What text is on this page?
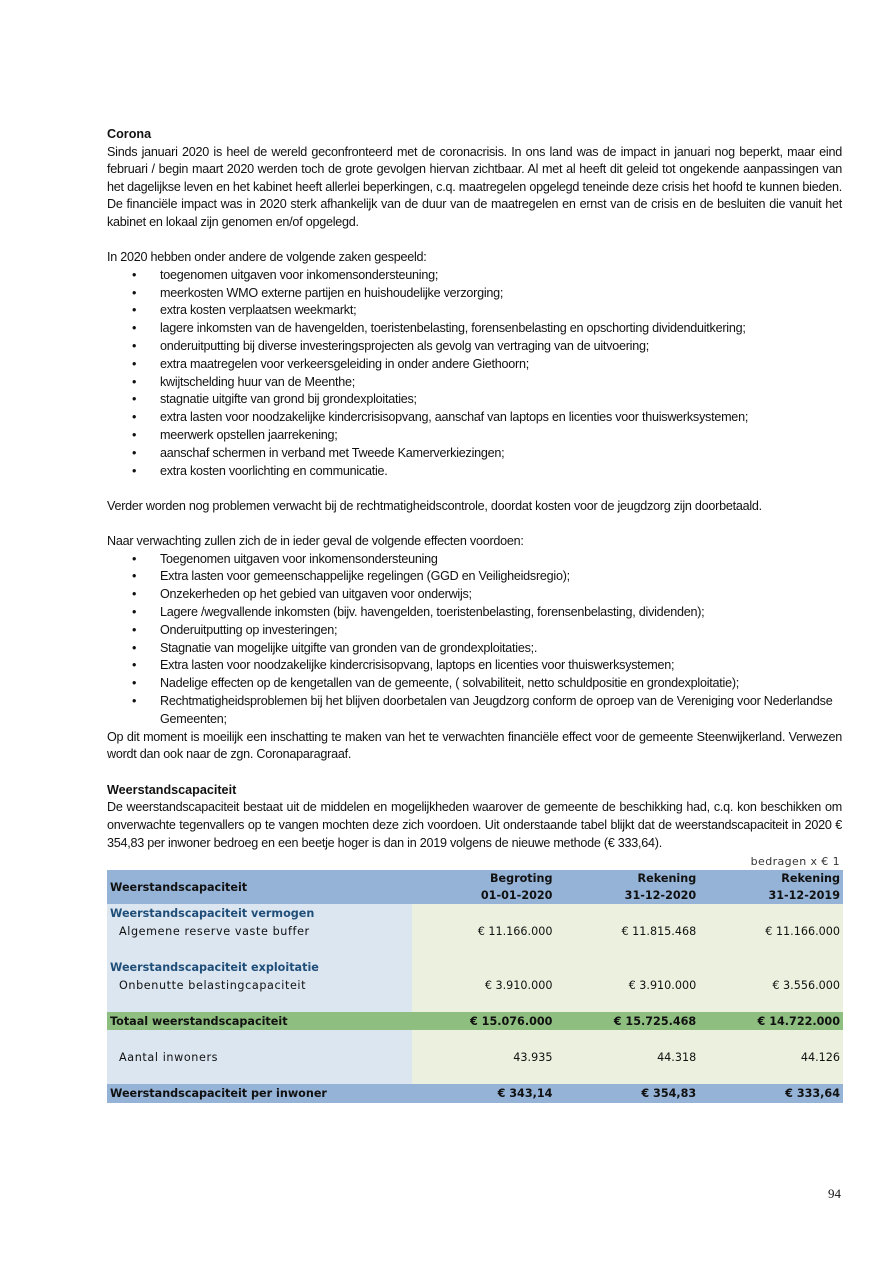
Corona
Sinds januari 2020 is heel de wereld geconfronteerd met de coronacrisis. In ons land was de impact in januari nog beperkt, maar eind februari / begin maart 2020 werden toch de grote gevolgen hiervan zichtbaar. Al met al heeft dit geleid tot ongekende aanpassingen van het dagelijkse leven en het kabinet heeft allerlei beperkingen, c.q. maatregelen opgelegd teneinde deze crisis het hoofd te kunnen bieden. De financiële impact was in 2020 sterk afhankelijk van de duur van de maatregelen en ernst van de crisis en de besluiten die vanuit het kabinet en lokaal zijn genomen en/of opgelegd.
In 2020 hebben onder andere de volgende zaken gespeeld:
• toegenomen uitgaven voor inkomensondersteuning;
• meerkosten WMO externe partijen en huishoudelijke verzorging;
• extra kosten verplaatsen weekmarkt;
• lagere inkomsten van de havengelden, toeristenbelasting, forensenbelasting en opschorting dividenduitkering;
• onderuitputting bij diverse investeringsprojecten als gevolg van vertraging van de uitvoering;
• extra maatregelen voor verkeersgeleiding in onder andere Giethoorn;
• kwijtschelding huur van de Meenthe;
• stagnatie uitgifte van grond bij grondexploitaties;
• extra lasten voor noodzakelijke kindercrisisopvang, aanschaf van laptops en licenties voor thuiswerksystemen;
• meerwerk opstellen jaarrekening;
• aanschaf schermen in verband met Tweede Kamerverkiezingen;
• extra kosten voorlichting en communicatie.
Verder worden nog problemen verwacht bij de rechtmatigheidscontrole, doordat kosten voor de jeugdzorg zijn doorbetaald.
Naar verwachting zullen zich de in ieder geval de volgende effecten voordoen:
• Toegenomen uitgaven voor inkomensondersteuning
• Extra lasten voor gemeenschappelijke regelingen (GGD en Veiligheidsregio);
• Onzekerheden op het gebied van uitgaven voor onderwijs;
• Lagere /wegvallende inkomsten (bijv. havengelden, toeristenbelasting, forensenbelasting, dividenden);
• Onderuitputting op investeringen;
• Stagnatie van mogelijke uitgifte van gronden van de grondexploitaties;.
• Extra lasten voor noodzakelijke kindercrisisopvang, laptops en licenties voor thuiswerksystemen;
• Nadelige effecten op de kengetallen van de gemeente, ( solvabiliteit, netto schuldpositie en grondexploitatie);
• Rechtmatigheidsproblemen bij het blijven doorbetalen van Jeugdzorg conform de oproep van de Vereniging voor Nederlandse Gemeenten;
Op dit moment is moeilijk een inschatting te maken van het te verwachten financiële effect voor de gemeente Steenwijkerland. Verwezen wordt dan ook naar de zgn. Coronaparagraaf.
Weerstandscapaciteit
De weerstandscapaciteit bestaat uit de middelen en mogelijkheden waarover de gemeente de beschikking had, c.q. kon beschikken om onverwachte tegenvallers op te vangen mochten deze zich voordoen. Uit onderstaande tabel blijkt dat de weerstandscapaciteit in 2020 € 354,83 per inwoner bedroeg en een beetje hoger is dan in 2019 volgens de nieuwe methode (€ 333,64).
bedragen x € 1
Weerstandscapaciteit	Begroting	Rekening	Rekening
	01-01-2020	31-12-2020	31-12-2019
Weerstandscapaciteit vermogen			
Algemene reserve vaste buffer	€ 11.166.000	€ 11.815.468	€ 11.166.000

Weerstandscapaciteit exploitatie			
Onbenutte belastingcapaciteit	€ 3.910.000	€ 3.910.000	€ 3.556.000

Totaal weerstandscapaciteit	€ 15.076.000	€ 15.725.468	€ 14.722.000
Aantal inwoners	43.935	44.318	44.126
Weerstandscapaciteit per inwoner	€ 343,14	€ 354,83	€ 333,64
94
